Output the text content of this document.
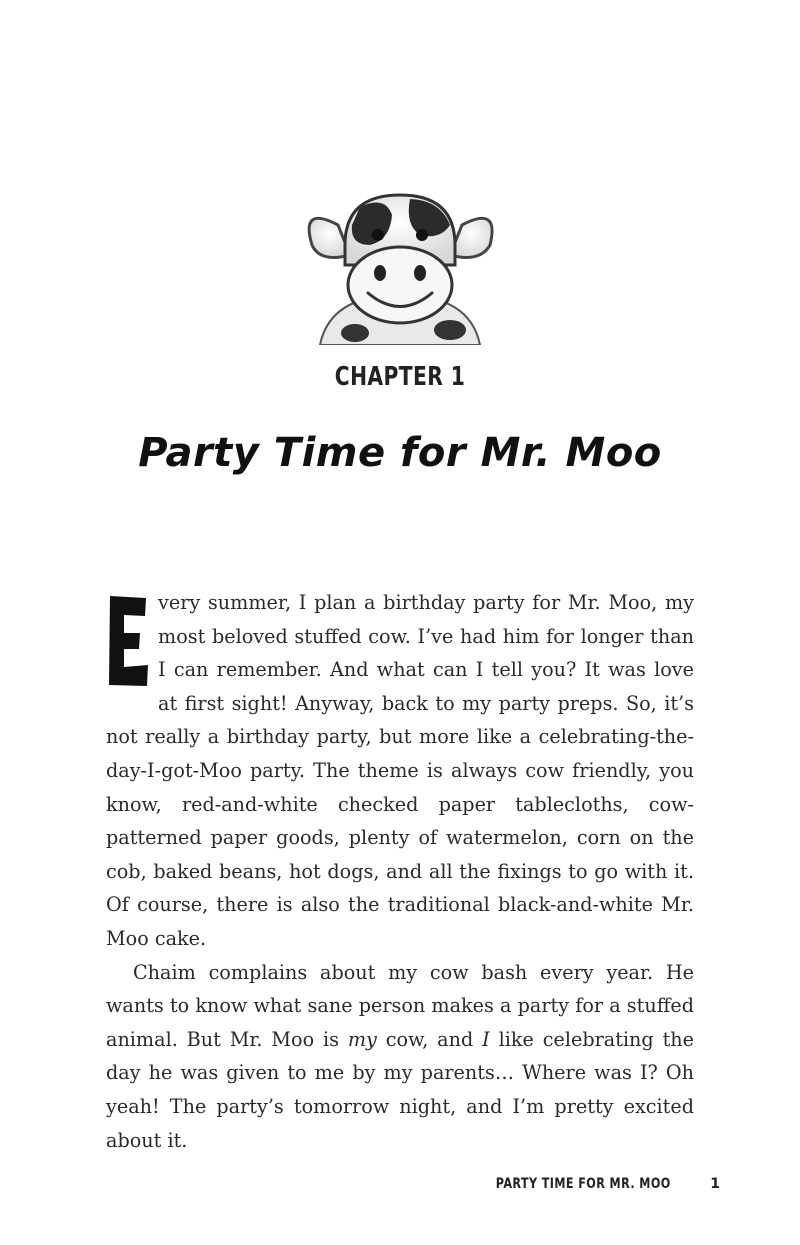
CHAPTER 1
Party Time for Mr. Moo

very summer, I plan a birthday party for Mr. Moo, my most beloved stuffed cow. I’ve had him for longer than I can remember. And what can I tell you? It was love at first sight! Anyway, back to my party preps. So, it’s not really a birthday party, but more like a celebrating-the-day-I-got-Moo party. The theme is always cow friendly, you know, red-and-white checked paper tablecloths, cow-patterned paper goods, plenty of watermelon, corn on the cob, baked beans, hot dogs, and all the fixings to go with it. Of course, there is also the traditional black-and-white Mr. Moo cake.

Chaim complains about my cow bash every year. He wants to know what sane person makes a party for a stuffed animal. But Mr. Moo is my cow, and I like celebrating the day he was given to me by my parents… Where was I? Oh yeah! The party’s tomorrow night, and I’m pretty excited about it.

PARTY TIME FOR MR. MOO	1
